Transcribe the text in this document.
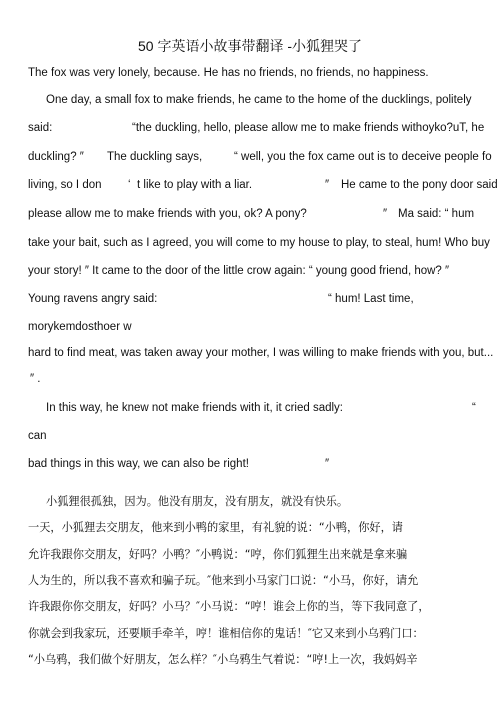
50 字英语小故事带翻译 -小狐狸哭了
The fox was very lonely, because. He has no friends, no friends, no happiness.
One day, a small fox to make friends, he came to the home of the ducklings, politely
said:	“the duckling, hello, please allow me to make friends withoyko?uT, he
duckling? ″ The duckling says,	“ well, you the fox came out is to deceive people fo
living, so I don ‘ t like to play with a liar.	″ He came to the pony door said
please allow me to make friends with you, ok? A pony?	″ Ma said: “ hum
take your bait, such as I agreed, you will come to my house to play, to steal, hum! Who buy
your story! ″ It came to the door of the little crow again: “ young good friend, how? ″
Young ravens angry said:	“ hum! Last time,
morykemdosthoer w
hard to find meat, was taken away your mother, I was willing to make friends with you, but...
″ .
In this way, he knew not make friends with it, it cried sadly:	“
can
bad things in this way, we can also be right!	″
小狐狸很孤独，因为。他没有朋友，没有朋友，就没有快乐。
一天，小狐狸去交朋友，他来到小鸭的家里，有礼貌的说：“小鸭，你好，请
允许我跟你交朋友，好吗？小鸭？″小鸭说：“哼，你们狐狸生出来就是拿来骗
人为生的，所以我不喜欢和骗子玩。″他来到小马家门口说：“小马，你好，请允
许我跟你你交朋友，好吗？小马？″小马说：“哼！谁会上你的当，等下我同意了，
你就会到我家玩，还要顺手牵羊，哼！谁相信你的鬼话！″它又来到小乌鸦门口：
“小乌鸦，我们做个好朋友，怎么样？″小乌鸦生气着说：“哼!上一次，我妈妈辛
